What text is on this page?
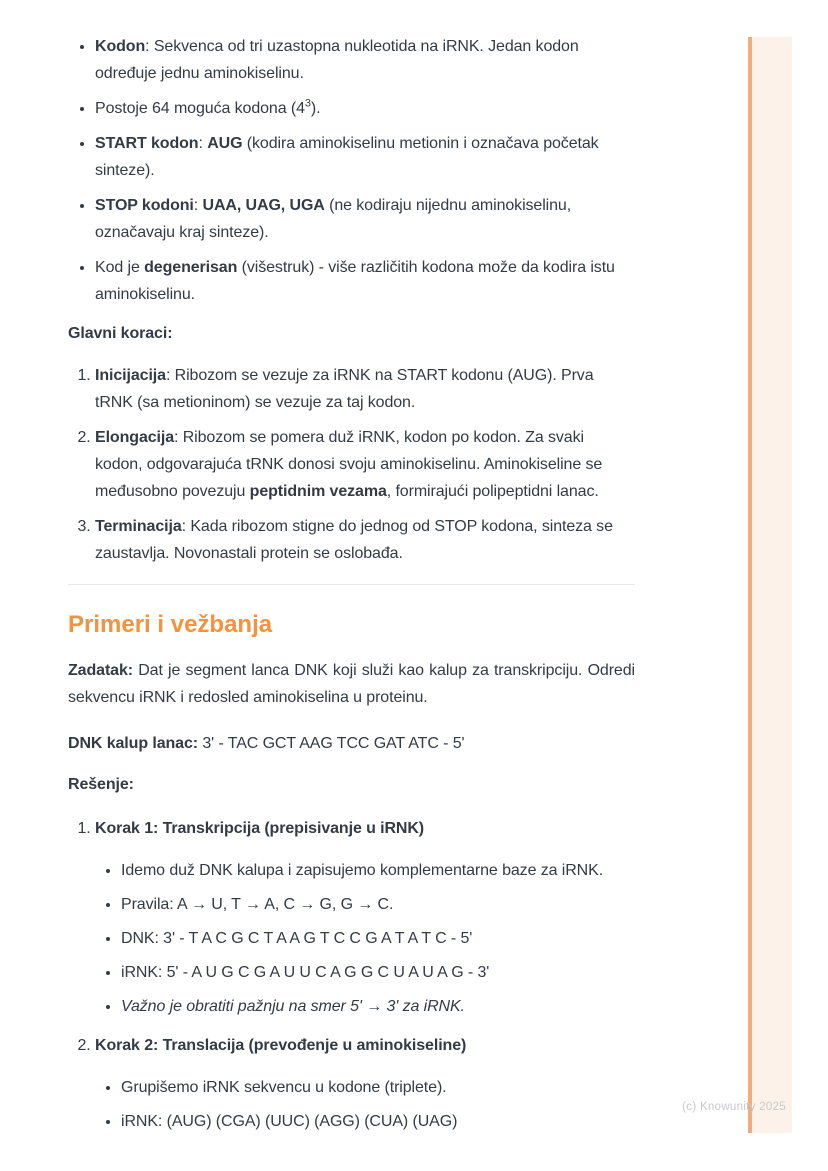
(c) Knowunity 2025
• Kodon: Sekvenca od tri uzastopna nukleotida na iRNK. Jedan kodon određuje jednu aminokiselinu.
• Postoje 64 moguća kodona $(4^3)$.
• START kodon: AUG (kodira aminokiselinu metionin i označava početak sinteze).
• STOP kodoni: UAA, UAG, UGA (ne kodiraju nijednu aminokiselinu, označavaju kraj sinteze).
• Kod je degenerisan (višestruk) - više različitih kodona može da kodira istu aminokiselinu.

Glavni koraci:

1. Inicijacija: Ribozom se vezuje za iRNK na START kodonu (AUG). Prva tRNK (sa metioninom) se vezuje za taj kodon.
2. Elongacija: Ribozom se pomera duž iRNK, kodon po kodon. Za svaki kodon, odgovarajuća tRNK donosi svoju aminokiselinu. Aminokiseline se međusobno povezuju peptidnim vezama, formirajući polipeptidni lanac.
3. Terminacija: Kada ribozom stigne do jednog od STOP kodona, sinteza se zaustavlja. Novonastali protein se oslobađa.
Primeri i vežbanja

Zadatak: Dat je segment lanca DNK koji služi kao kalup za transkripciju. Odredi sekvencu iRNK i redosled aminokiselina u proteinu.

DNK kalup lanac: 3' - TAC GCT AAG TCC GAT ATC - 5'

Rešenje:

1. Korak 1: Transkripcija (prepisivanje u iRNK)
• Idemo duž DNK kalupa i zapisujemo komplementarne baze za iRNK.
• Pravila: A → U, T → A, C → G, G → C.
• DNK: 3' - T A C G C T A A G T C C G A T A T C - 5'
• iRNK: 5' - A U G C G A U U C A G G C U A U A G - 3'
• Važno je obratiti pažnju na smer 5' → 3' za iRNK.
2. Korak 2: Translacija (prevođenje u aminokiseline)
• Grupišemo iRNK sekvencu u kodone (triplete).
• iRNK: (AUG) (CGA) (UUC) (AGG) (CUA) (UAG)
